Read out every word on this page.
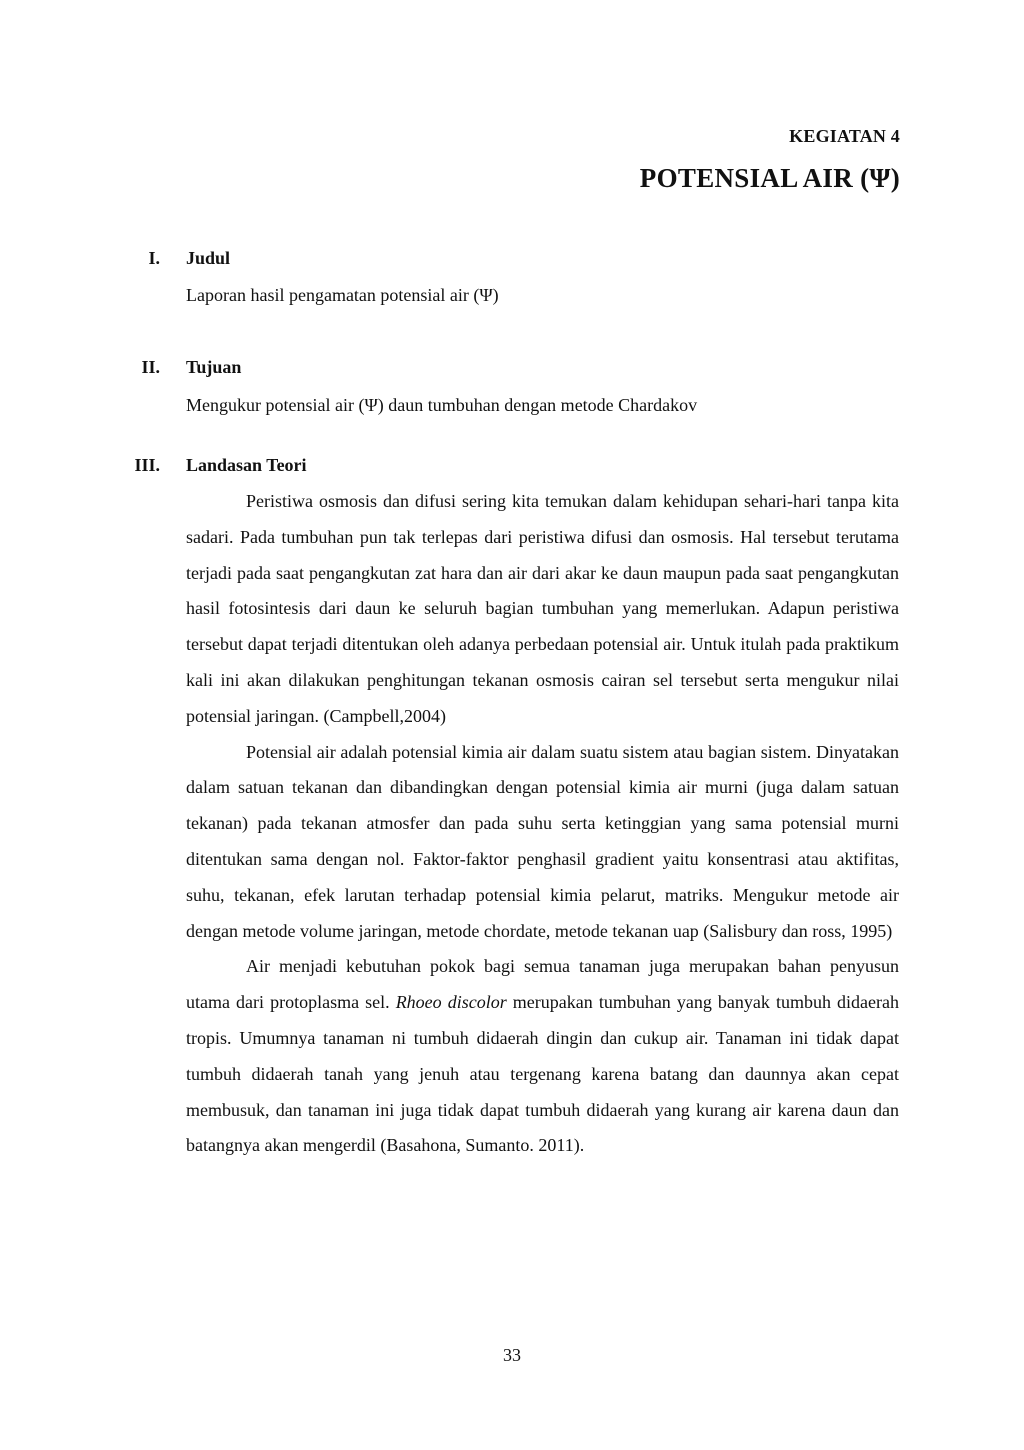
KEGIATAN 4
POTENSIAL AIR (Ψ)
I. Judul
Laporan hasil pengamatan potensial air (Ψ)
II. Tujuan
Mengukur potensial air (Ψ) daun tumbuhan dengan metode Chardakov
III. Landasan Teori

Peristiwa osmosis dan difusi sering kita temukan dalam kehidupan sehari-hari tanpa kita sadari. Pada tumbuhan pun tak terlepas dari peristiwa difusi dan osmosis. Hal tersebut terutama terjadi pada saat pengangkutan zat hara dan air dari akar ke daun maupun pada saat pengangkutan hasil fotosintesis dari daun ke seluruh bagian tumbuhan yang memerlukan. Adapun peristiwa tersebut dapat terjadi ditentukan oleh adanya perbedaan potensial air. Untuk itulah pada praktikum kali ini akan dilakukan penghitungan tekanan osmosis cairan sel tersebut serta mengukur nilai potensial jaringan. (Campbell,2004)

Potensial air adalah potensial kimia air dalam suatu sistem atau bagian sistem. Dinyatakan dalam satuan tekanan dan dibandingkan dengan potensial kimia air murni (juga dalam satuan tekanan) pada tekanan atmosfer dan pada suhu serta ketinggian yang sama potensial murni ditentukan sama dengan nol. Faktor-faktor penghasil gradient yaitu konsentrasi atau aktifitas, suhu, tekanan, efek larutan terhadap potensial kimia pelarut, matriks. Mengukur metode air dengan metode volume jaringan, metode chordate, metode tekanan uap (Salisbury dan ross, 1995)

Air menjadi kebutuhan pokok bagi semua tanaman juga merupakan bahan penyusun utama dari protoplasma sel. Rhoeo discolor merupakan tumbuhan yang banyak tumbuh didaerah tropis. Umumnya tanaman ni tumbuh didaerah dingin dan cukup air. Tanaman ini tidak dapat tumbuh didaerah tanah yang jenuh atau tergenang karena batang dan daunnya akan cepat membusuk, dan tanaman ini juga tidak dapat tumbuh didaerah yang kurang air karena daun dan batangnya akan mengerdil (Basahona, Sumanto. 2011).

33
